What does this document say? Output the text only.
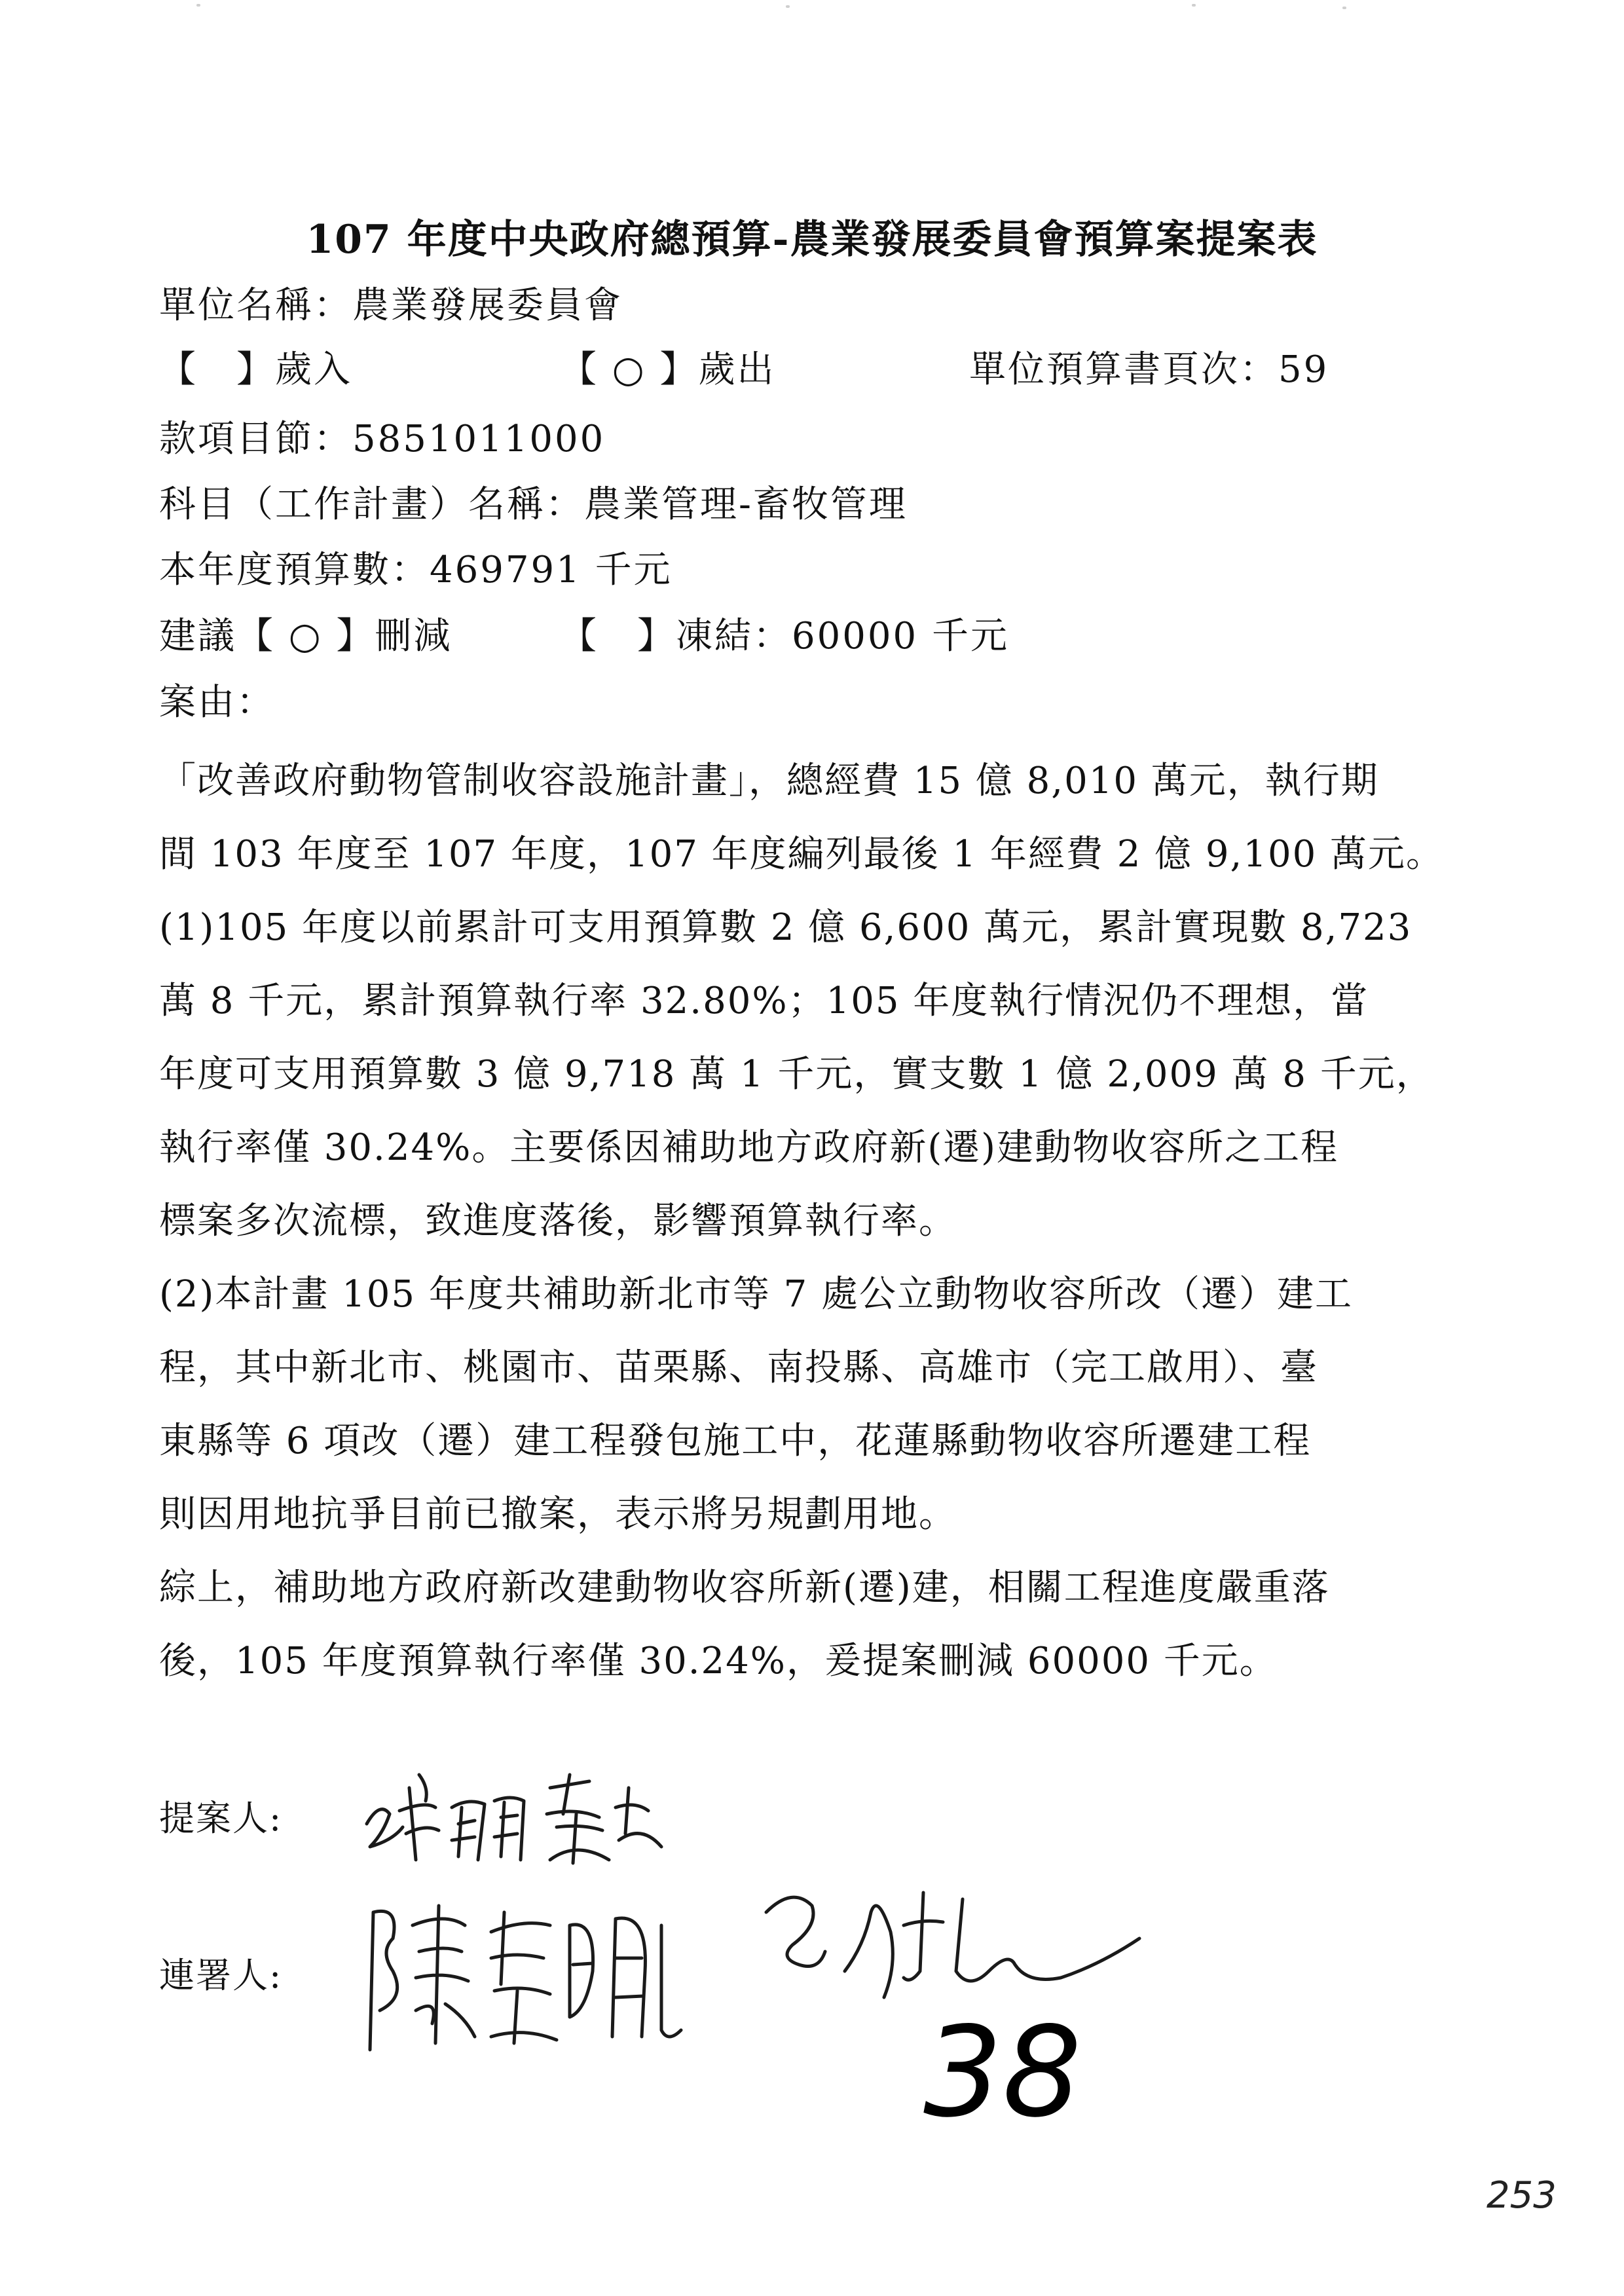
107 年度中央政府總預算-農業發展委員會預算案提案表
單位名稱：農業發展委員會
【　】歲入	【 ○ 】歲出	單位預算書頁次：59
款項目節：5851011000
科目（工作計畫）名稱：農業管理-畜牧管理
本年度預算數：469791 千元
建議【 ○ 】刪減	【　】凍結：60000 千元
案由：
「改善政府動物管制收容設施計畫」，總經費 15 億 8,010 萬元，執行期
間 103 年度至 107 年度，107 年度編列最後 1 年經費 2 億 9,100 萬元。
(1)105 年度以前累計可支用預算數 2 億 6,600 萬元，累計實現數 8,723
萬 8 千元，累計預算執行率 32.80%；105 年度執行情況仍不理想，當
年度可支用預算數 3 億 9,718 萬 1 千元，實支數 1 億 2,009 萬 8 千元，
執行率僅 30.24%。主要係因補助地方政府新(遷)建動物收容所之工程
標案多次流標，致進度落後，影響預算執行率。
(2)本計畫 105 年度共補助新北市等 7 處公立動物收容所改（遷）建工
程，其中新北市、桃園市、苗栗縣、南投縣、高雄市（完工啟用）、臺
東縣等 6 項改（遷）建工程發包施工中，花蓮縣動物收容所遷建工程
則因用地抗爭目前已撤案，表示將另規劃用地。
綜上，補助地方政府新改建動物收容所新(遷)建，相關工程進度嚴重落
後，105 年度預算執行率僅 30.24%，爰提案刪減 60000 千元。
提案人:
連署人:
38
253
